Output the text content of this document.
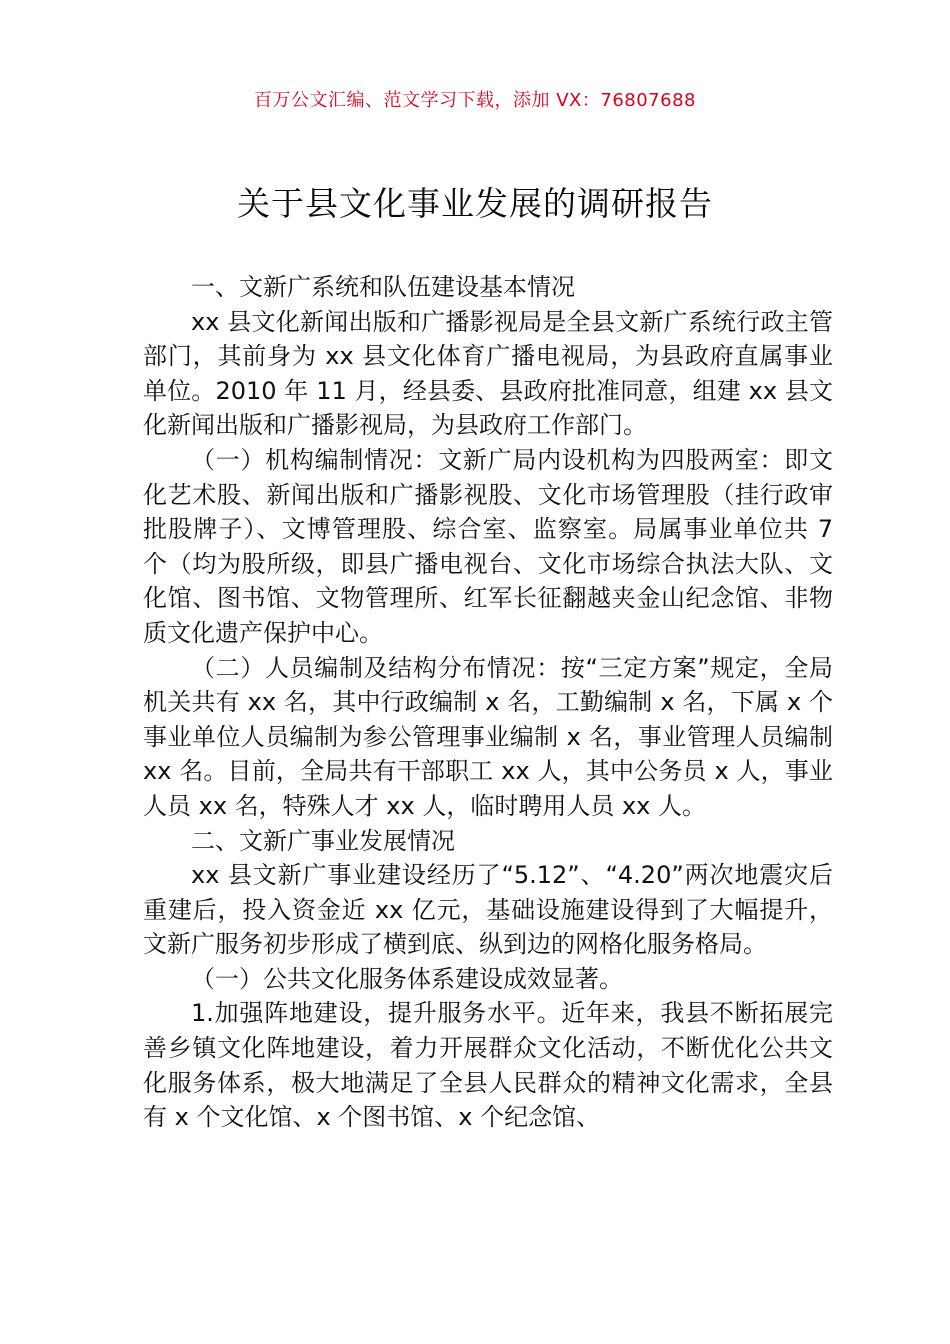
百万公文汇编、范文学习下载，添加 VX：76807688
关于县文化事业发展的调研报告

一、文新广系统和队伍建设基本情况

xx 县文化新闻出版和广播影视局是全县文新广系统行政主管部门，其前身为 xx 县文化体育广播电视局，为县政府直属事业单位。2010 年 11 月，经县委、县政府批准同意，组建 xx 县文化新闻出版和广播影视局，为县政府工作部门。

（一）机构编制情况：文新广局内设机构为四股两室：即文化艺术股、新闻出版和广播影视股、文化市场管理股（挂行政审批股牌子）、文博管理股、综合室、监察室。局属事业单位共 7 个（均为股所级，即县广播电视台、文化市场综合执法大队、文化馆、图书馆、文物管理所、红军长征翻越夹金山纪念馆、非物质文化遗产保护中心。

（二）人员编制及结构分布情况：按“三定方案”规定，全局机关共有 xx 名，其中行政编制 x 名，工勤编制 x 名，下属 x 个事业单位人员编制为参公管理事业编制 x 名，事业管理人员编制 xx 名。目前，全局共有干部职工 xx 人，其中公务员 x 人，事业人员 xx 名，特殊人才 xx 人，临时聘用人员 xx 人。

二、文新广事业发展情况

xx 县文新广事业建设经历了“5.12”、“4.20”两次地震灾后重建后，投入资金近 xx 亿元，基础设施建设得到了大幅提升，文新广服务初步形成了横到底、纵到边的网格化服务格局。

（一）公共文化服务体系建设成效显著。

1.加强阵地建设，提升服务水平。近年来，我县不断拓展完善乡镇文化阵地建设，着力开展群众文化活动，不断优化公共文化服务体系，极大地满足了全县人民群众的精神文化需求，全县有 x 个文化馆、x 个图书馆、x 个纪念馆、
